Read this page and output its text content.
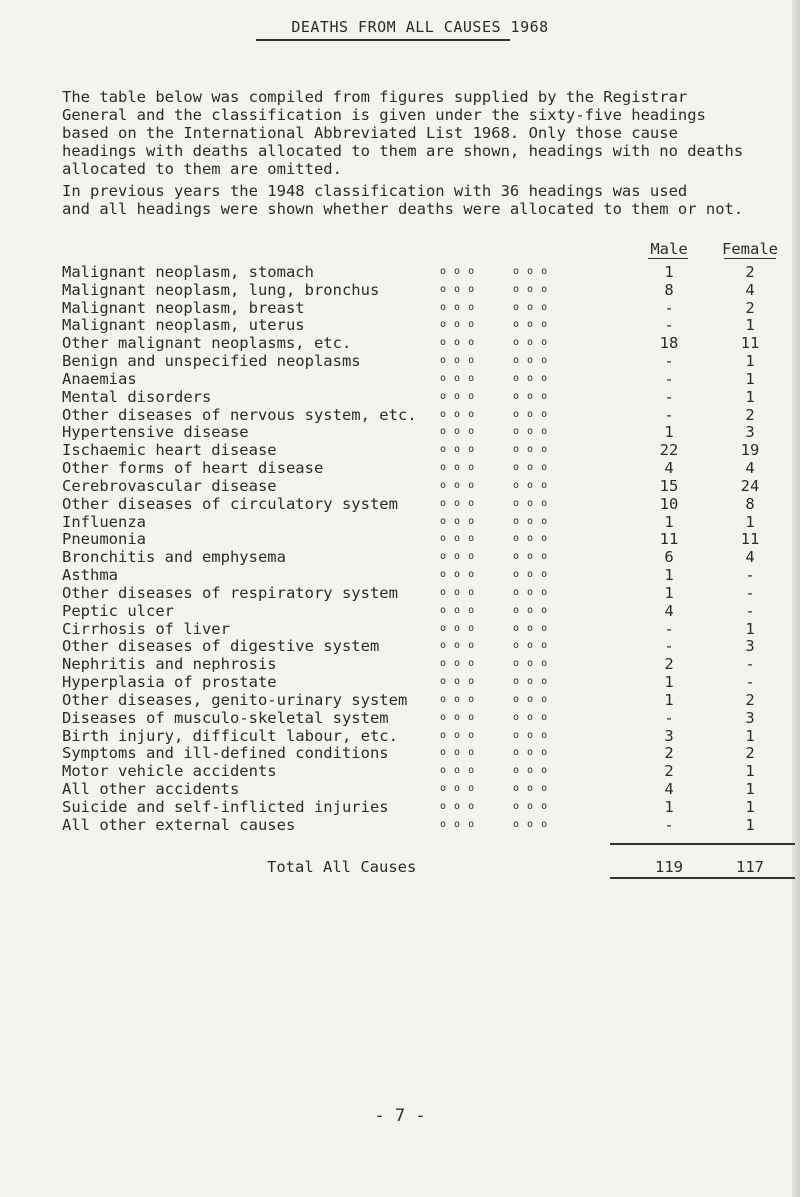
DEATHS FROM ALL CAUSES 1968
The table below was compiled from figures supplied by the Registrar
General and the classification is given under the sixty-five headings
based on the International Abbreviated List 1968. Only those cause
headings with deaths allocated to them are shown, headings with no deaths
allocated to them are omitted.
In previous years the 1948 classification with 36 headings was used
and all headings were shown whether deaths were allocated to them or not.
Male	Female
Malignant neoplasm, stomach	o o o	o o o	1	2
Malignant neoplasm, lung, bronchus	o o o	o o o	8	4
Malignant neoplasm, breast	o o o	o o o	-	2
Malignant neoplasm, uterus	o o o	o o o	-	1
Other malignant neoplasms, etc.	o o o	o o o	18	11
Benign and unspecified neoplasms	o o o	o o o	-	1
Anaemias	o o o	o o o	-	1
Mental disorders	o o o	o o o	-	1
Other diseases of nervous system, etc. o o o	o o o	-	2
Hypertensive disease	o o o	o o o	1	3
Ischaemic heart disease	o o o	o o o	22	19
Other forms of heart disease	o o o	o o o	4	4
Cerebrovascular disease	o o o	o o o	15	24
Other diseases of circulatory system	o o o	o o o	10	8
Influenza	o o o	o o o	1	1
Pneumonia	o o o	o o o	11	11
Bronchitis and emphysema	o o o	o o o	6	4
Asthma	o o o	o o o	1	-
Other diseases of respiratory system	o o o	o o o	1	-
Peptic ulcer	o o o	o o o	4	-
Cirrhosis of liver	o o o	o o o	-	1
Other diseases of digestive system	o o o	o o o	-	3
Nephritis and nephrosis	o o o	o o o	2	-
Hyperplasia of prostate	o o o	o o o	1	-
Other diseases, genito-urinary system	o o o	o o o	1	2
Diseases of musculo-skeletal system	o o o	o o o	-	3
Birth injury, difficult labour, etc.	o o o	o o o	3	1
Symptoms and ill-defined conditions	o o o	o o o	2	2
Motor vehicle accidents	o o o	o o o	2	1
All other accidents	o o o	o o o	4	1
Suicide and self-inflicted injuries	o o o	o o o	1	1
All other external causes	o o o	o o o	-	1
Total All Causes	119	117
- 7 -
